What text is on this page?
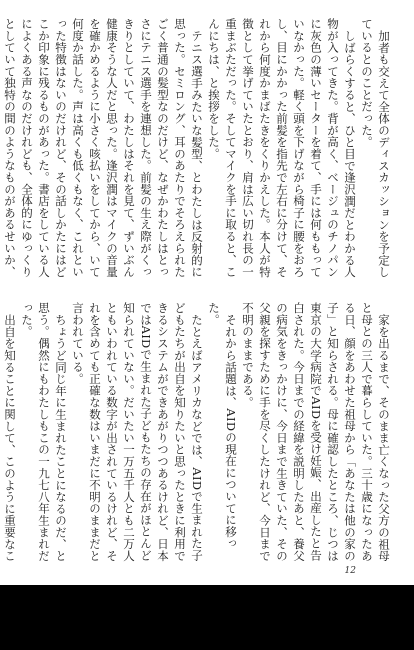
加者も交えて全体のディスカッションを予定しているとのことだった。

しばらくすると、ひと目で逢沢潤だとわかる人物が入ってきた。背が高く、ベージュのチノパンに灰色の薄いセーターを着て、手には何ももっていなかった。軽く頭を下げながら椅子に腰をおろし、目にかかった前髪を指先で左右に分けて、それから何度かまばたきをくりかえした。本人が特徴として挙げていたとおり、肩は広い切れ長の一重まぶただった。そしてマイクを手に取ると、こんにちは、と挨拶をした。

テニス選手みたいな髪型、とわたしは反射的に思った。セミロング、耳のあたりでそろえられたごく普通の髪型なのだけど、なぜかわたしはとっさにテニス選手を連想した。前髪の生え際がくっきりとしていて、わたしはそれを見て、ずいぶん健康そうな人だと思った。逢沢潤はマイクの音量を確かめるように小さく咳払いをしてから、いて何度か話した。声は高くも低くもなく、これといった特徴はないのだけれど、その話しかたにはどこか印象に残るものがあった。書店をしている人によくある声なのだけれども、全体的にゆっくりとしていて独特の間のようなものがあるせいか、

家を出るまで、そのまま亡くなった父方の祖母と母との三人で暮らしていた。三十歳になったある日、顔をあわせた祖母から「あなたは他の家の子」と知らされる。母に確認したところ、じつは東京の大学病院でAIDを受け妊娠、出産したと告白された。今日までの経緯を説明したあと、養父の病気をきっかけに、今日まで生きていた、その父親を探すために手を尽くしたけれど、今日まで不明のままである。

それから話題は、AIDの現在についてに移った。

たとえばアメリカなどでは、AIDで生まれた子どもたちが出自を知りたいと思ったときに利用できるシステムができあがりつつあるけれど、日本ではAIDで生まれた子どもたちの存在がほとんど知られていない。だいたい一万五千人とも二万人ともいわれている数字が出されているけれど、それを含めても正確な数はいまだに不明のままだと言われている。

ちょうど同じ年に生まれたことになるのだ、と思う。偶然にもわたしもこの一九七八年生まれだった。

出自を知ることに関して、このように重要なこ

12
